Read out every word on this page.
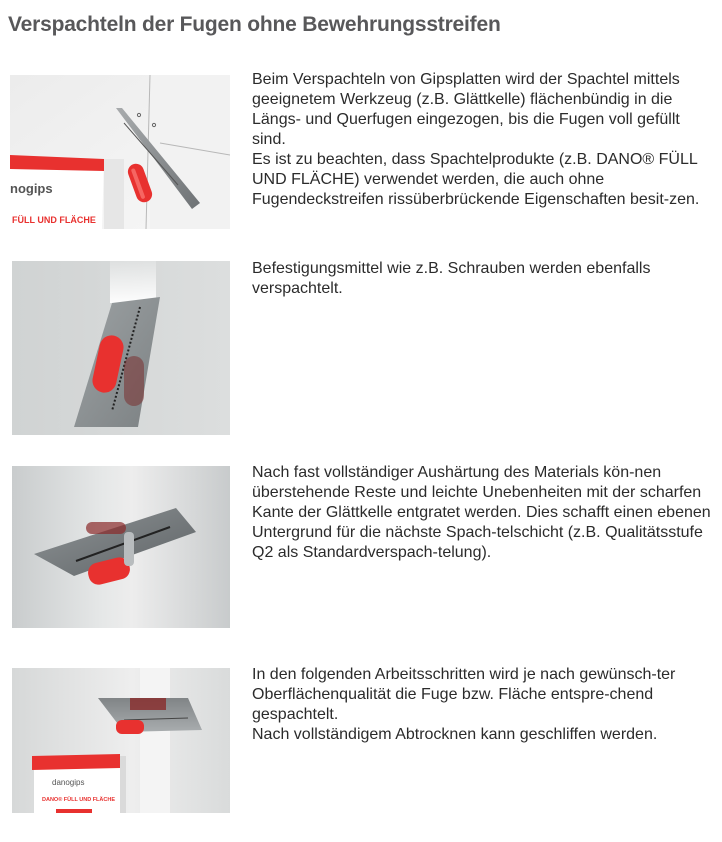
Verspachteln der Fugen ohne Bewehrungsstreifen
nogips
FÜLL UND FLÄCHE

Beim Verspachteln von Gipsplatten wird der Spachtel mittels geeignetem Werkzeug (z.B. Glättkelle) flächenbündig in die Längs- und Querfugen eingezogen, bis die Fugen voll gefüllt sind.

Es ist zu beachten, dass Spachtelprodukte (z.B. DANO® FÜLL UND FLÄCHE) verwendet werden, die auch ohne Fugendeckstreifen rissüberbrückende Eigenschaften besit-zen.

Befestigungsmittel wie z.B. Schrauben werden ebenfalls verspachtelt.

Nach fast vollständiger Aushärtung des Materials kön-nen überstehende Reste und leichte Unebenheiten mit der scharfen Kante der Glättkelle entgratet werden. Dies schafft einen ebenen Untergrund für die nächste Spach-telschicht (z.B. Qualitätsstufe Q2 als Standardverspach-telung).

danogips
DANO® FÜLL UND FLÄCHE

In den folgenden Arbeitsschritten wird je nach gewünsch-ter Oberflächenqualität die Fuge bzw. Fläche entspre-chend gespachtelt.

Nach vollständigem Abtrocknen kann geschliffen werden.
